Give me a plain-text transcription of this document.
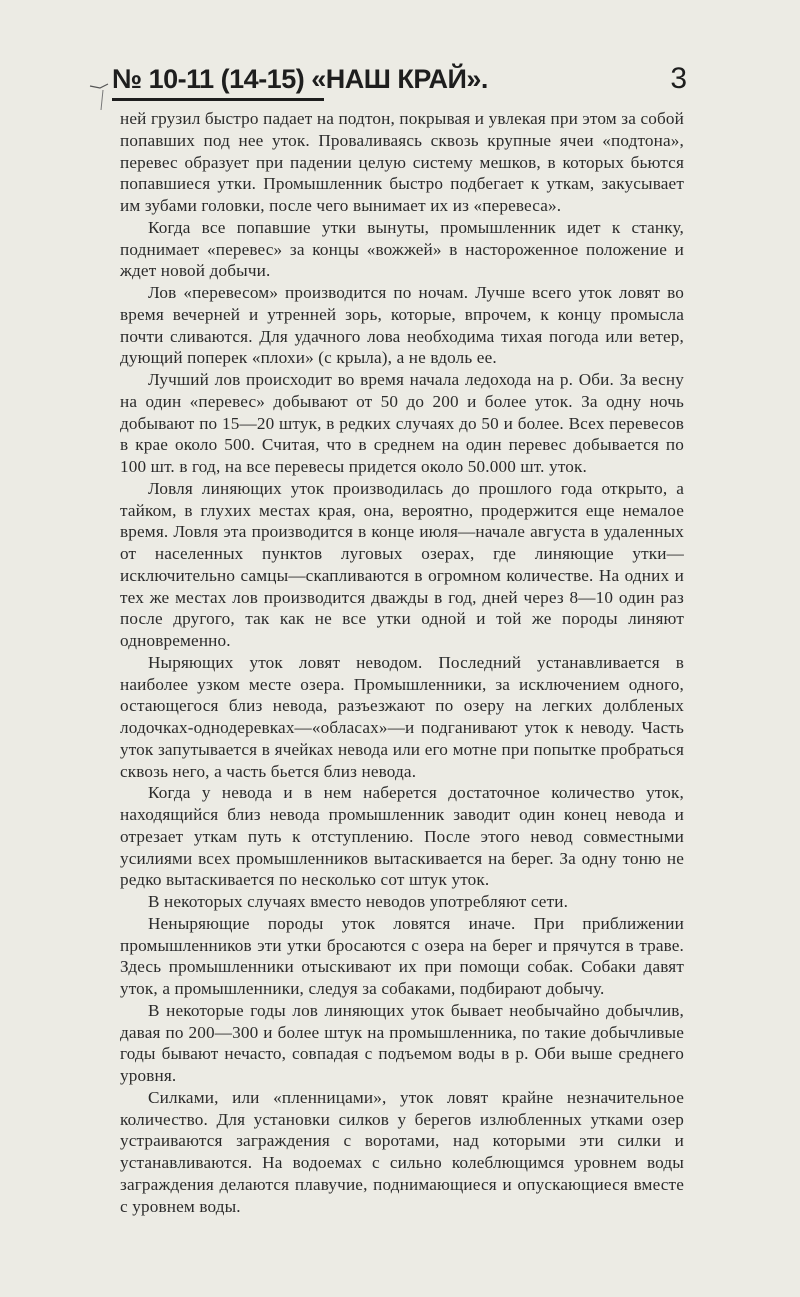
№ 10-11 (14-15) «НАШ КРАЙ».	3

ней грузил быстро падает на подтон, покрывая и увлекая при этом за собой попавших под нее уток. Проваливаясь сквозь крупные ячеи «подтона», перевес образует при падении целую систему мешков, в которых бьются попавшиеся утки. Промышленник быстро подбегает к уткам, закусывает им зубами головки, после чего вынимает их из «перевеса».

Когда все попавшие утки вынуты, промышленник идет к станку, поднимает «перевес» за концы «вожжей» в настороженное положение и ждет новой добычи.

Лов «перевесом» производится по ночам. Лучше всего уток ловят во время вечерней и утренней зорь, которые, впрочем, к концу промысла почти сливаются. Для удачного лова необходима тихая погода или ветер, дующий поперек «плохи» (с крыла), а не вдоль ее.

Лучший лов происходит во время начала ледохода на р. Оби. За весну на один «перевес» добывают от 50 до 200 и более уток. За одну ночь добывают по 15—20 штук, в редких случаях до 50 и более. Всех перевесов в крае около 500. Считая, что в среднем на один перевес добывается по 100 шт. в год, на все перевесы придется около 50.000 шт. уток.

Ловля линяющих уток производилась до прошлого года открыто, а тайком, в глухих местах края, она, вероятно, продержится еще немалое время. Ловля эта производится в конце июля—начале августа в удаленных от населенных пунктов луговых озерах, где линяющие утки—исключительно самцы—скапливаются в огромном количестве. На одних и тех же местах лов производится дважды в год, дней через 8—10 один раз после другого, так как не все утки одной и той же породы линяют одновременно.

Ныряющих уток ловят неводом. Последний устанавливается в наиболее узком месте озера. Промышленники, за исключением одного, остающегося близ невода, разъезжают по озеру на легких долбленых лодочках-однодеревках—«обласах»—и подганивают уток к неводу. Часть уток запутывается в ячейках невода или его мотне при попытке пробраться сквозь него, а часть бьется близ невода.

Когда у невода и в нем наберется достаточное количество уток, находящийся близ невода промышленник заводит один конец невода и отрезает уткам путь к отступлению. После этого невод совместными усилиями всех промышленников вытаскивается на берег. За одну тоню не редко вытаскивается по несколько сот штук уток.

В некоторых случаях вместо неводов употребляют сети.

Неныряющие породы уток ловятся иначе. При приближении промышленников эти утки бросаются с озера на берег и прячутся в траве. Здесь промышленники отыскивают их при помощи собак. Собаки давят уток, а промышленники, следуя за собаками, подбирают добычу.

В некоторые годы лов линяющих уток бывает необычайно добычлив, давая по 200—300 и более штук на промышленника, по такие добычливые годы бывают нечасто, совпадая с подъемом воды в р. Оби выше среднего уровня.

Силками, или «пленницами», уток ловят крайне незначительное количество. Для установки силков у берегов излюбленных утками озер устраиваются заграждения с воротами, над которыми эти силки и устанавливаются. На водоемах с сильно колеблющимся уровнем воды заграждения делаются плавучие, поднимающиеся и опускающиеся вместе с уровнем воды.
